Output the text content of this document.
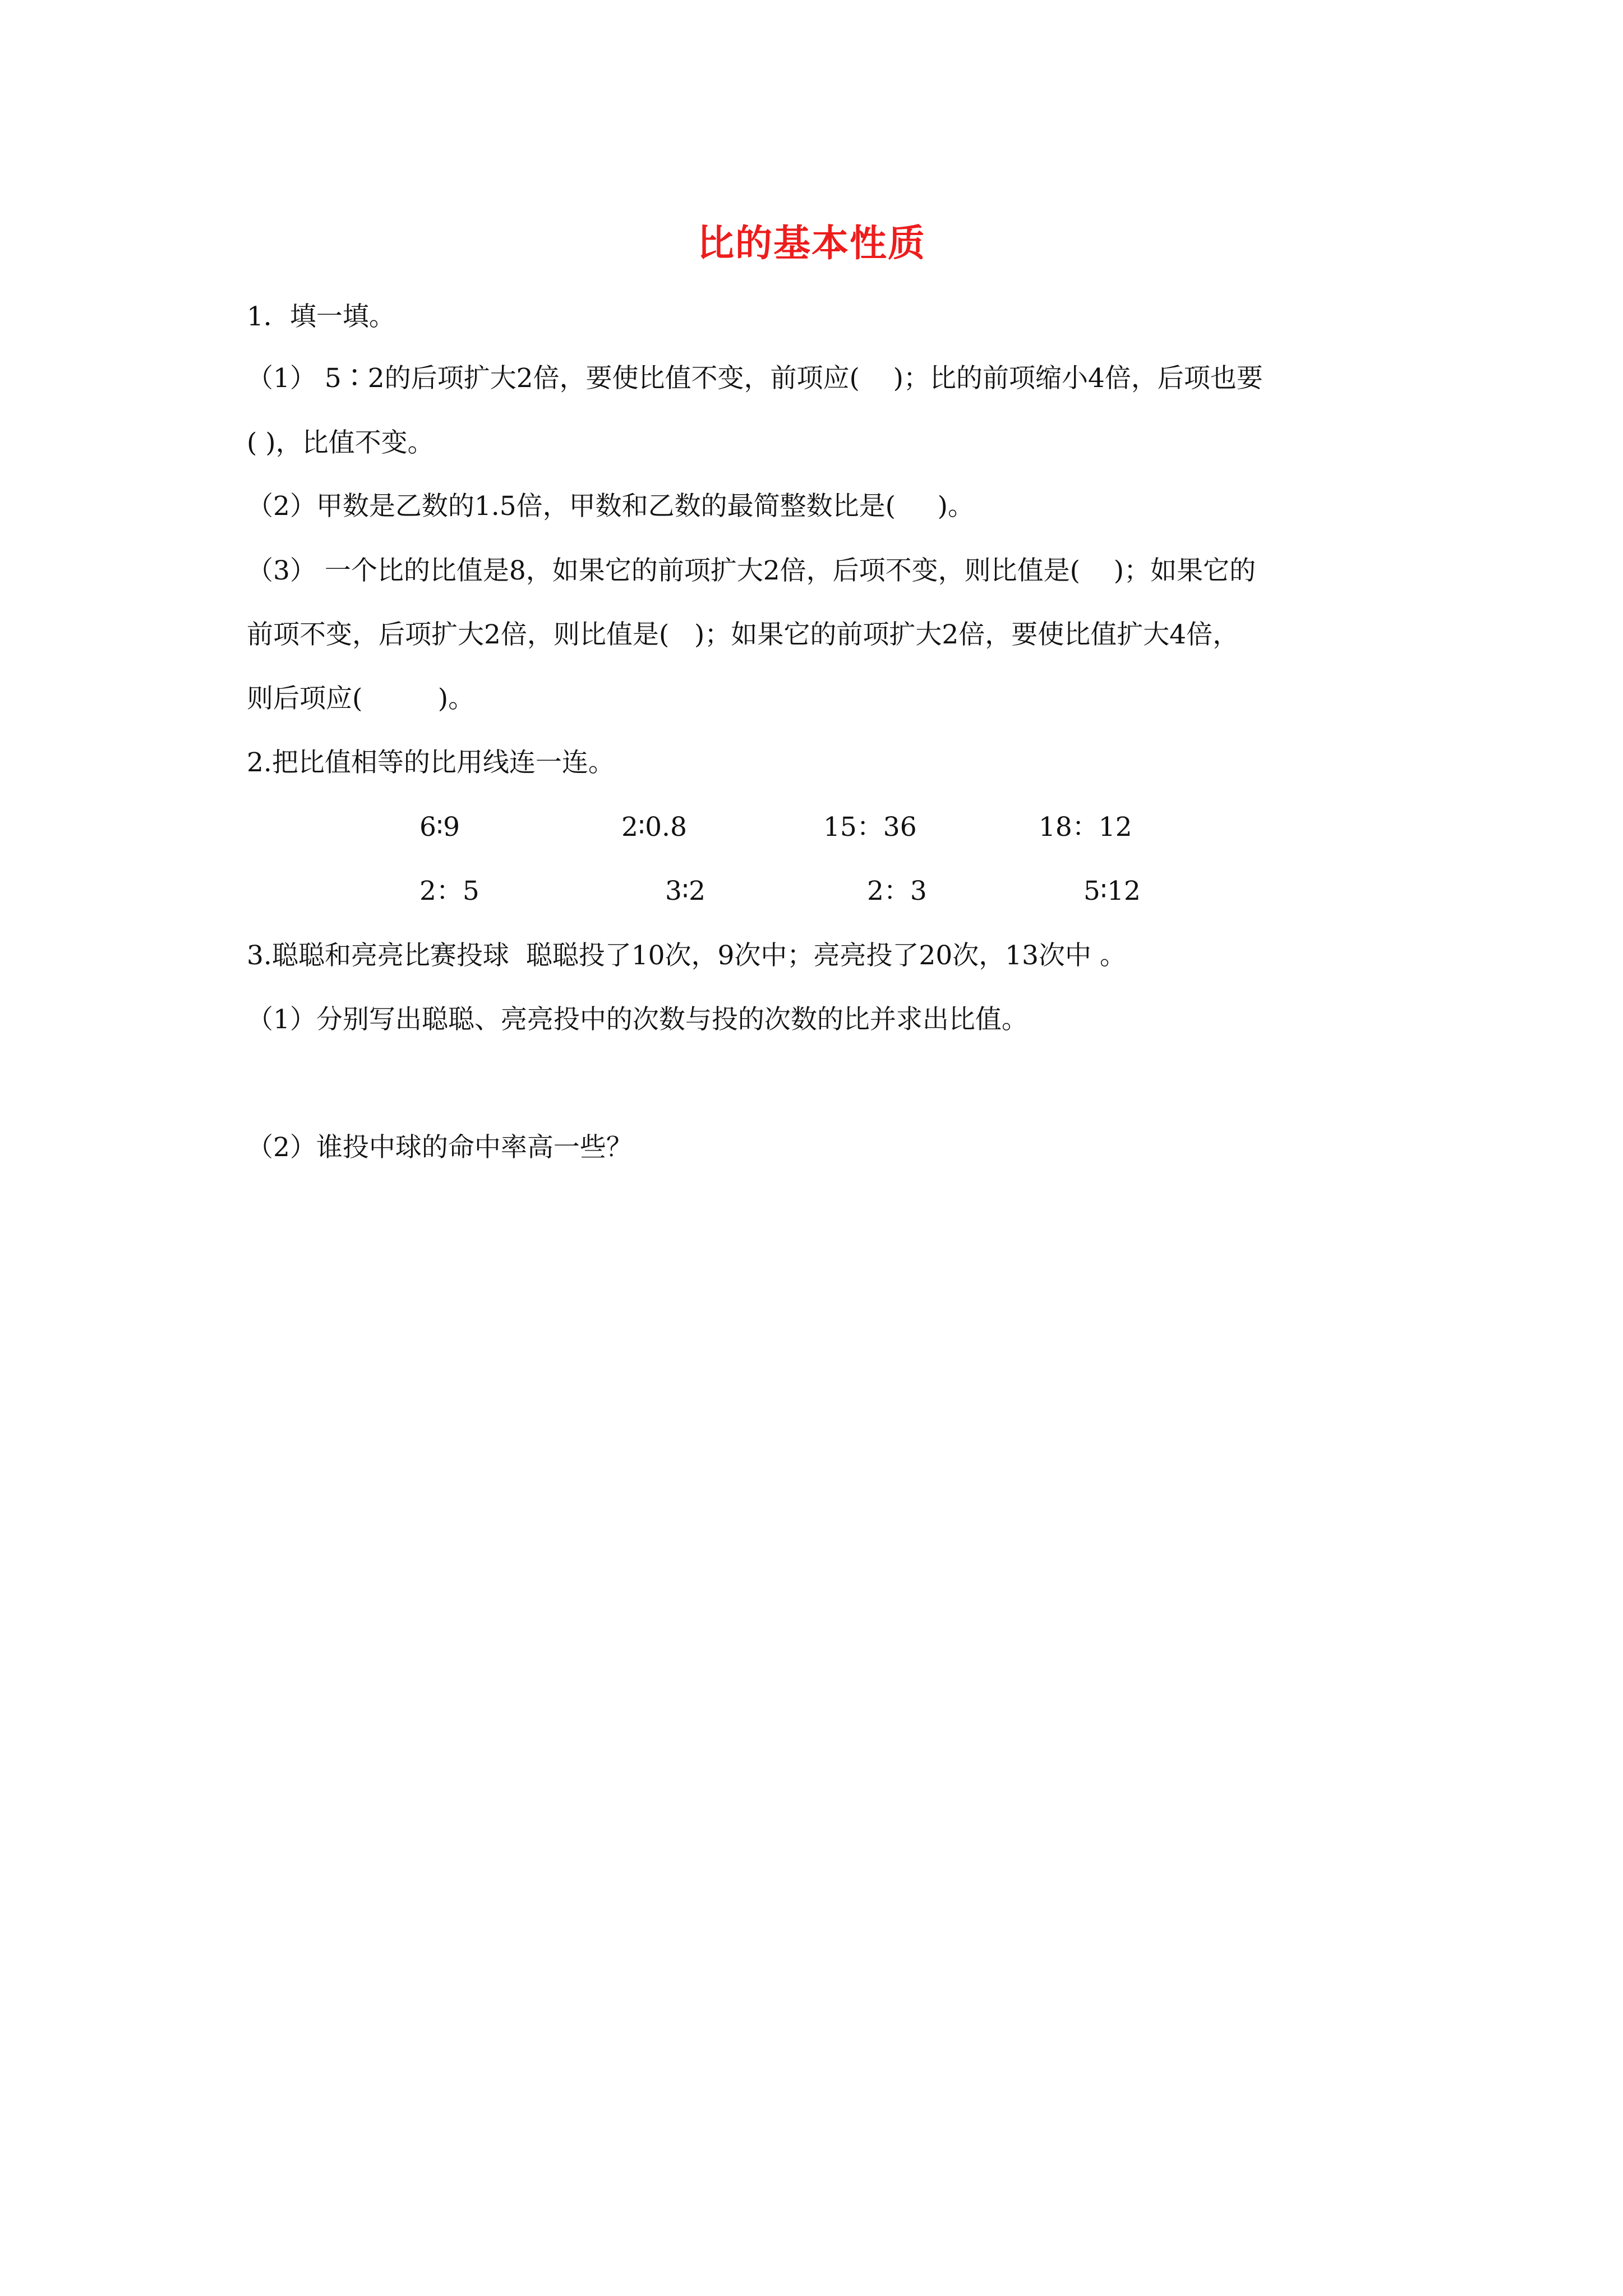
比的基本性质
1．填一填。
（1） 5∶2的后项扩大2倍，要使比值不变，前项应(    )；比的前项缩小4倍，后项也要
( )，比值不变。
（2）甲数是乙数的1.5倍，甲数和乙数的最简整数比是(     )。
（3） 一个比的比值是8，如果它的前项扩大2倍，后项不变，则比值是(    )；如果它的
前项不变，后项扩大2倍，则比值是(   )；如果它的前项扩大2倍，要使比值扩大4倍，
则后项应(         )。
2.把比值相等的比用线连一连。
6∶9	2∶0.8	15：36	18：12
2：5	3∶2	2：3	5∶12
3.聪聪和亮亮比赛投球  聪聪投了10次，9次中；亮亮投了20次，13次中 。
（1）分别写出聪聪、亮亮投中的次数与投的次数的比并求出比值。
（2）谁投中球的命中率高一些？
